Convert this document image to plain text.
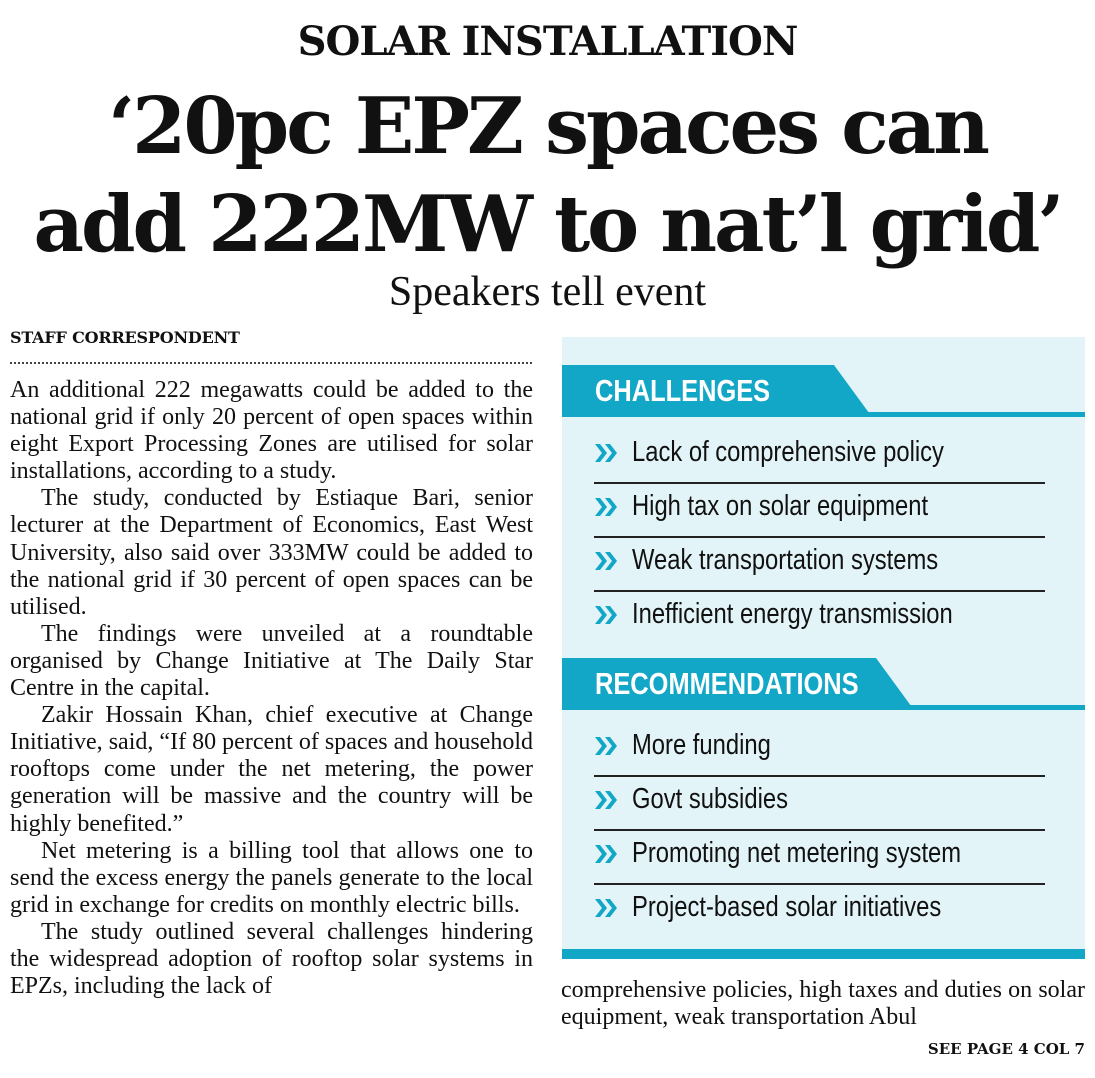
SOLAR INSTALLATION
‘20pc EPZ spaces can
add 222MW to nat’l grid’
Speakers tell event
STAFF CORRESPONDENT

An additional 222 megawatts could be added to the national grid if only 20 percent of open spaces within eight Export Processing Zones are utilised for solar installations, according to a study.

The study, conducted by Estiaque Bari, senior lecturer at the Department of Economics, East West University, also said over 333MW could be added to the national grid if 30 percent of open spaces can be utilised.

The findings were unveiled at a roundtable organised by Change Initiative at The Daily Star Centre in the capital.

Zakir Hossain Khan, chief executive at Change Initiative, said, “If 80 percent of spaces and household rooftops come under the net metering, the power generation will be massive and the country will be highly benefited.”

Net metering is a billing tool that allows one to send the excess energy the panels generate to the local grid in exchange for credits on monthly electric bills.

The study outlined several challenges hindering the widespread adoption of rooftop solar systems in EPZs, including the lack of

CHALLENGES
Lack of comprehensive policy
High tax on solar equipment
Weak transportation systems
Inefficient energy transmission
RECOMMENDATIONS
More funding
Govt subsidies
Promoting net metering system
Project-based solar initiatives
comprehensive policies, high taxes and duties on solar equipment, weak transportation Abul
SEE PAGE 4 COL 7
